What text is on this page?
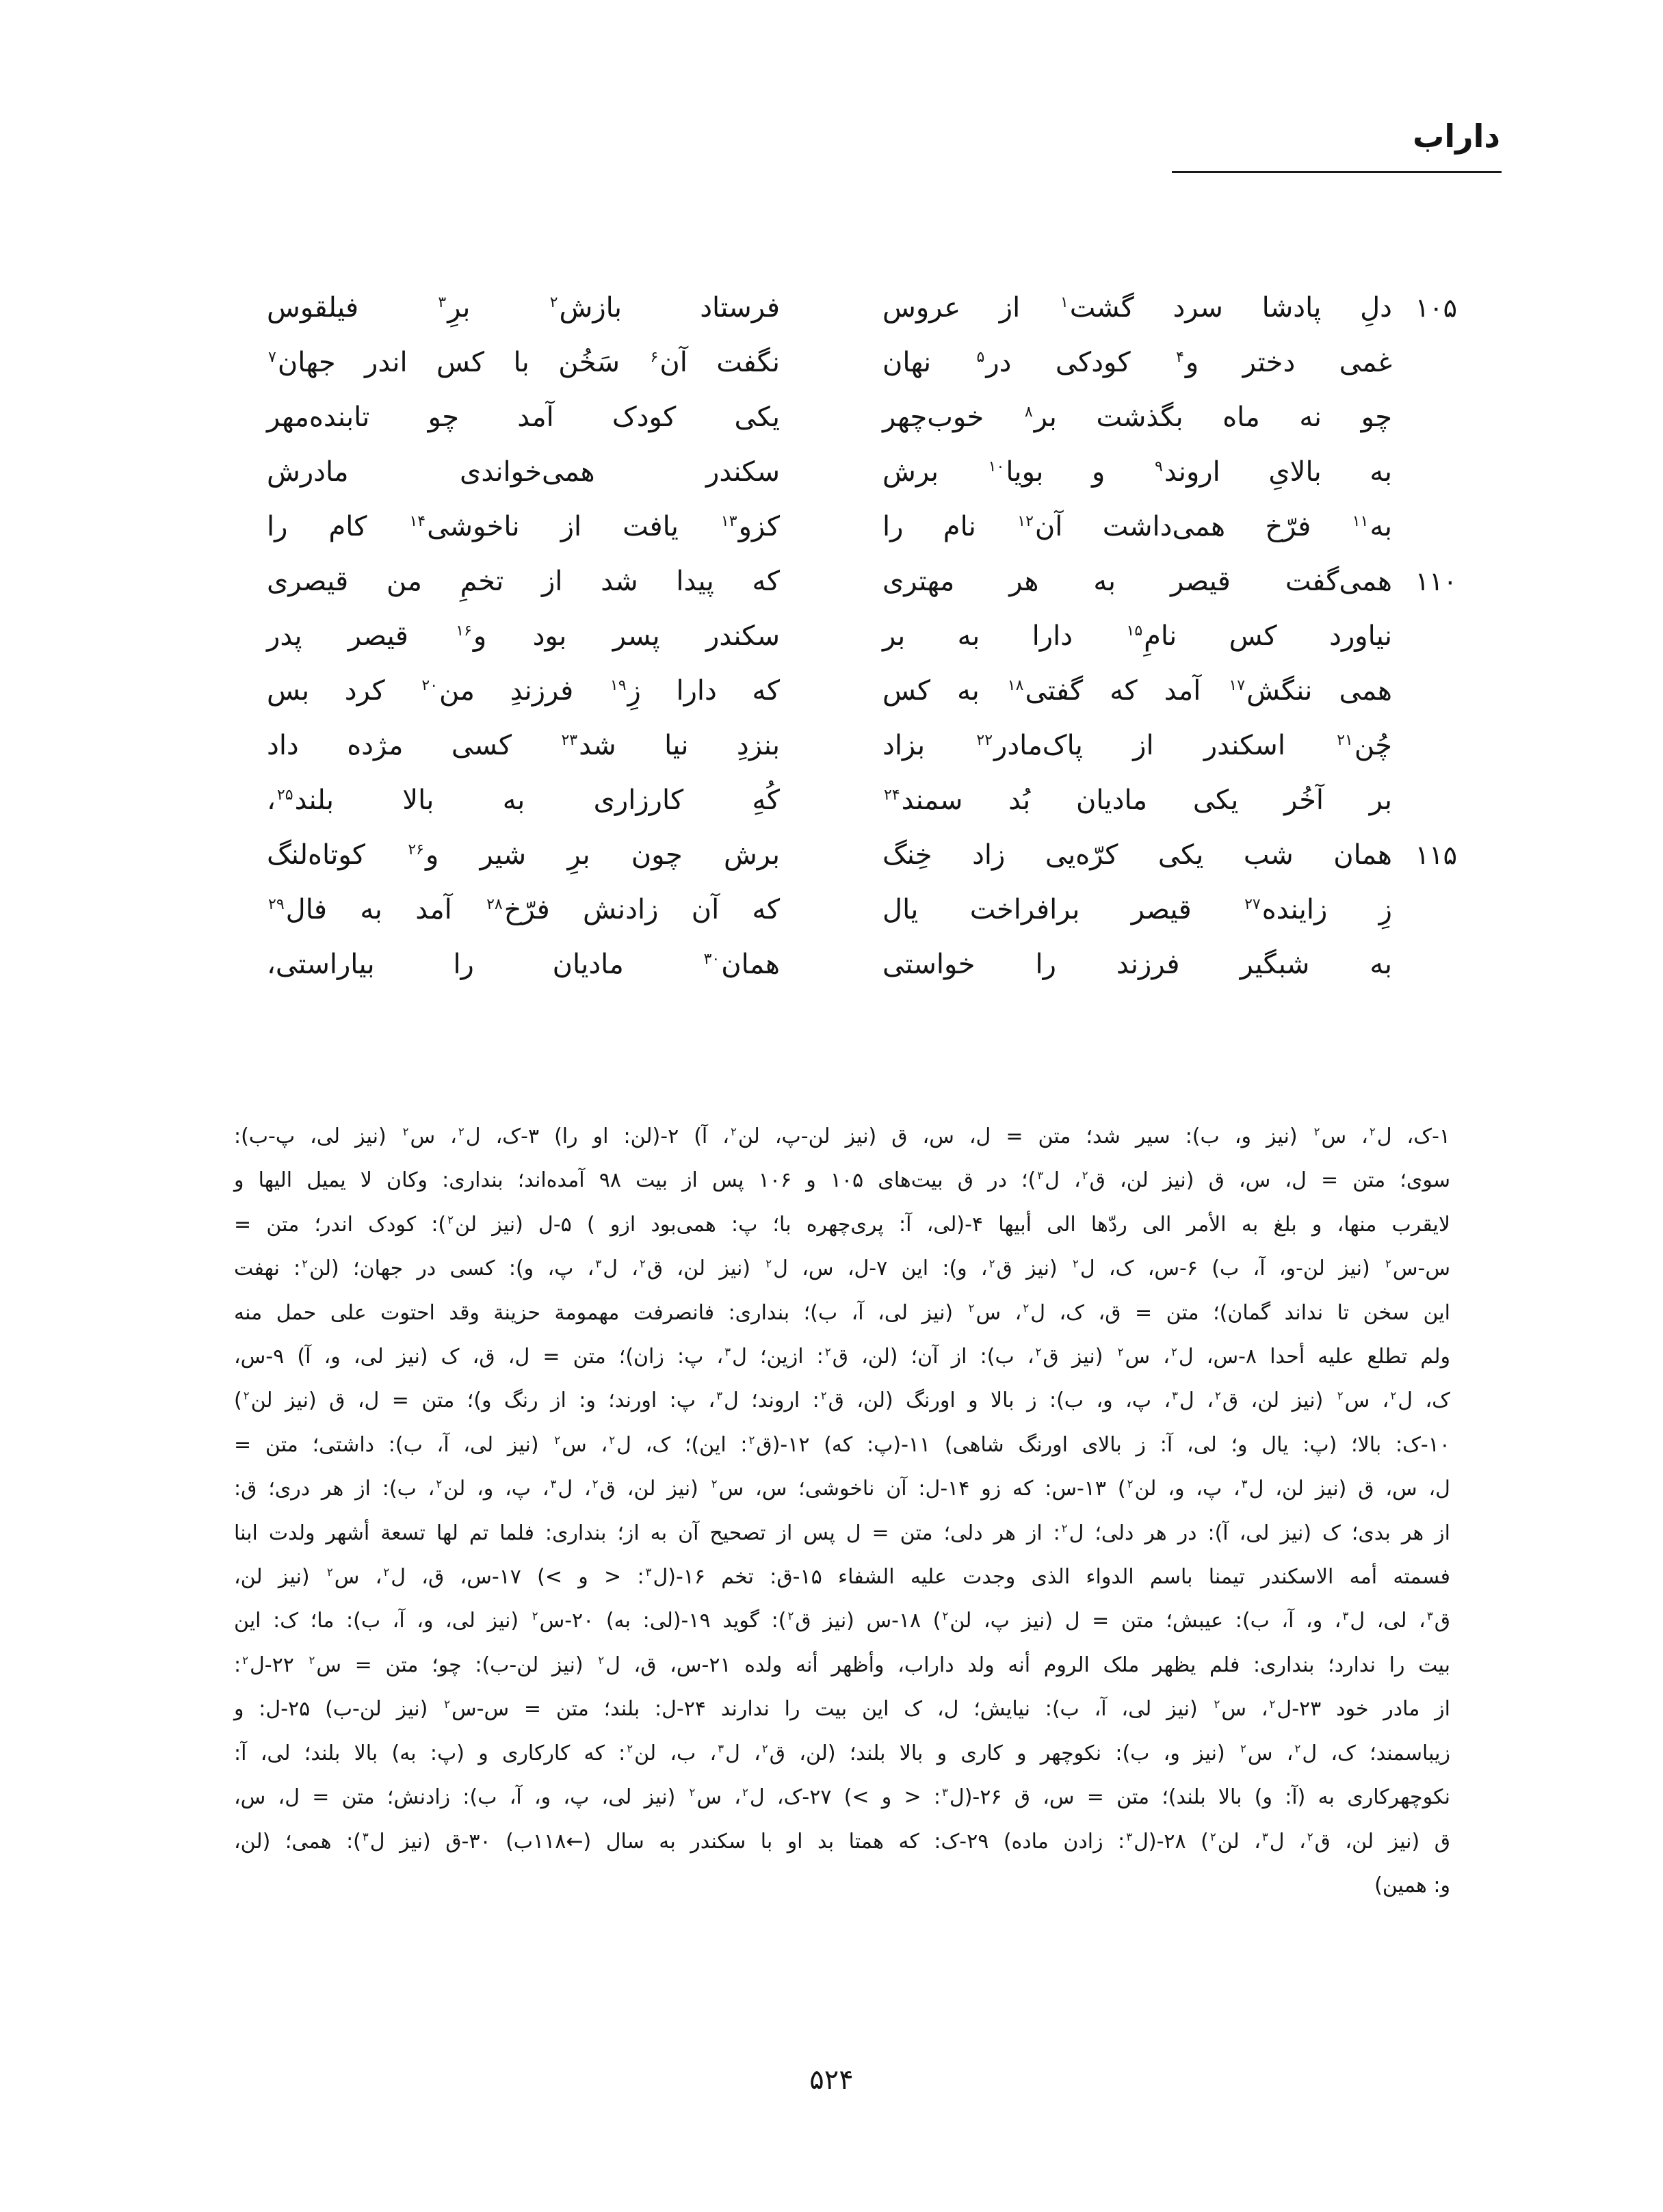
داراب
۱۰۵
دلِ پادشا سرد گشت$^۱$ از عروس
فرستاد بازش$^۲$ برِ$^۳$ فیلقوس
غمی دختر و$^۴$ کودکی در$^۵$ نهان
نگفت آن$^۶$ سَخُن با کس اندر جهان$^۷$
چو نه ماه بگذشت بر$^۸$ خوب‌چهر
یکی کودک آمد چو تابنده‌مهر
به بالایِ اروند$^۹$ و بویا$^{۱۰}$ برش
سکندر همی‌خواندی مادرش
به$^{۱۱}$ فرّخ همی‌داشت آن$^{۱۲}$ نام را
کزو$^{۱۳}$ یافت از ناخوشی$^{۱۴}$ کام را
۱۱۰
همی‌گفت قیصر به هر مهتری
که پیدا شد از تخمِ من قیصری
نیاورد کس نامِ$^{۱۵}$ دارا به بر
سکندر پسر بود و$^{۱۶}$ قیصر پدر
همی ننگش$^{۱۷}$ آمد که گفتی$^{۱۸}$ به کس
که دارا زِ$^{۱۹}$ فرزندِ من$^{۲۰}$ کرد بس
چُن$^{۲۱}$ اسکندر از پاک‌مادر$^{۲۲}$ بزاد
بنزدِ نیا شد$^{۲۳}$ کسی مژده داد
بر آخُر یکی مادیان بُد سمند$^{۲۴}$
کُهِ کارزاری به بالا بلند$^{۲۵}$،
۱۱۵
همان شب یکی کرّه‌یی زاد خِنگ
برش چون برِ شیر و$^{۲۶}$ کوتاه‌لنگ
زِ زاینده$^{۲۷}$ قیصر برافراخت یال
که آن زادنش فرّخ$^{۲۸}$ آمد به فال$^{۲۹}$
به شبگیر فرزند را خواستی
همان$^{۳۰}$ مادیان را بیاراستی،
۱-ک، ل$^۲$، س$^۲$ (نیز و، ب): سیر شد؛ متن = ل، س، ق (نیز لن-پ، لن$^۲$، آ) ۲-(لن: او را) ۳-ک، ل$^۲$، س$^۲$ (نیز لی، پ-ب):
سوی؛ متن = ل، س، ق (نیز لن، ق$^۲$، ل$^۳$)؛ در ق بیت‌های ۱۰۵ و ۱۰۶ پس از بیت ۹۸ آمده‌اند؛ بنداری: وكان لا يميل اليها و
لايقرب منها، و بلغ به الأمر الی ردّها الی أبیها ۴-(لی، آ: پری‌چهره با؛ پ: همی‌بود ازو ) ۵-ل (نیز لن$^۲$): کودک اندر؛ متن =
س-س$^۲$ (نیز لن-و، آ، ب) ۶-س، ک، ل$^۲$ (نیز ق$^۲$، و): این ۷-ل، س، ل$^۲$ (نیز لن، ق$^۲$، ل$^۳$، پ، و): کسی در جهان؛ (لن$^۲$: نهفت
این سخن تا نداند گمان)؛ متن = ق، ک، ل$^۲$، س$^۲$ (نیز لی، آ، ب)؛ بنداری: فانصرفت مهمومة حزینة وقد احتوت علی حمل منه
ولم تطلع علیه أحدا ۸-س، ل$^۲$، س$^۲$ (نیز ق$^۲$، ب): از آن؛ (لن، ق$^۲$: ازین؛ ل$^۳$، پ: زان)؛ متن = ل، ق، ک (نیز لی، و، آ) ۹-س،
ک، ل$^۲$، س$^۲$ (نیز لن، ق$^۲$، ل$^۳$، پ، و، ب): ز بالا و اورنگ (لن، ق$^۲$: اروند؛ ل$^۳$، پ: اورند؛ و: از رنگ و)؛ متن = ل، ق (نیز لن$^۲$)
۱۰-ک: بالا؛ (پ: یال و؛ لی، آ: ز بالای اورنگ شاهی) ۱۱-(پ: که) ۱۲-(ق$^۲$: این)؛ ک، ل$^۲$، س$^۲$ (نیز لی، آ، ب): داشتی؛ متن =
ل، س، ق (نیز لن، ل$^۳$، پ، و، لن$^۲$) ۱۳-س: که زو ۱۴-ل: آن ناخوشی؛ س، س$^۲$ (نیز لن، ق$^۲$، ل$^۳$، پ، و، لن$^۲$، ب): از هر دری؛ ق:
از هر بدی؛ ک (نیز لی، آ): در هر دلی؛ ل$^۲$: از هر دلی؛ متن = ل پس از تصحیح آن به از؛ بنداری: فلما تم لها تسعة أشهر ولدت ابنا
فسمته أمه الاسکندر تیمنا باسم الدواء الذی وجدت علیه الشفاء ۱۵-ق: تخم ۱۶-(ل$^۳$: < و >) ۱۷-س، ق، ل$^۲$، س$^۲$ (نیز لن،
ق$^۳$، لی، ل$^۳$، و، آ، ب): عیبش؛ متن = ل (نیز پ، لن$^۲$) ۱۸-س (نیز ق$^۲$): گوید ۱۹-(لی: به) ۲۰-س$^۲$ (نیز لی، و، آ، ب): ما؛ ک: این
بیت را ندارد؛ بنداری: فلم یظهر ملک الروم أنه ولد داراب، وأظهر أنه ولده ۲۱-س، ق، ل$^۲$ (نیز لن-ب): چو؛ متن = س$^۲$ ۲۲-ل$^۲$:
از مادر خود ۲۳-ل$^۲$، س$^۲$ (نیز لی، آ، ب): نیایش؛ ل، ک این بیت را ندارند ۲۴-ل: بلند؛ متن = س-س$^۲$ (نیز لن-ب) ۲۵-ل: و
زیباسمند؛ ک، ل$^۲$، س$^۲$ (نیز و، ب): نکوچهر و کاری و بالا بلند؛ (لن، ق$^۲$، ل$^۳$، ب، لن$^۲$: که کارکاری و (پ: به) بالا بلند؛ لی، آ:
نکوچهرکاری به (آ: و) بالا بلند)؛ متن = س، ق ۲۶-(ل$^۳$: < و >) ۲۷-ک، ل$^۲$، س$^۲$ (نیز لی، پ، و، آ، ب): زادنش؛ متن = ل، س،
ق (نیز لن، ق$^۲$، ل$^۳$، لن$^۲$) ۲۸-(ل$^۳$: زادن ماده) ۲۹-ک: که همتا بد او با سکندر به سال (←۱۱۸ب) ۳۰-ق (نیز ل$^۳$): همی؛ (لن،
و: همین)
۵۲۴
